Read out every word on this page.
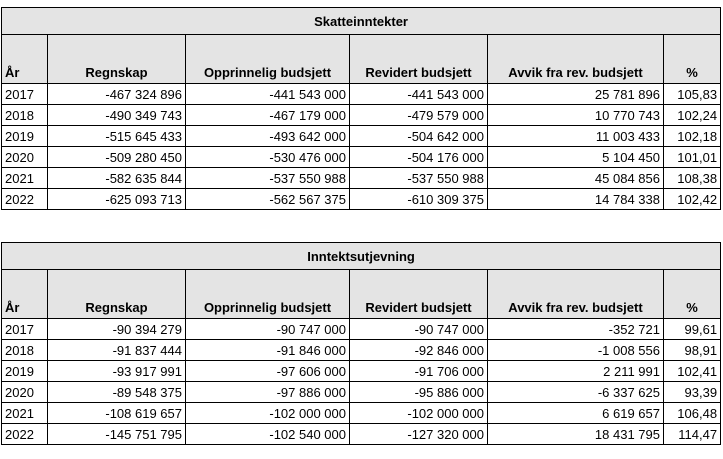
Skatteinntekter					
År	Regnskap	Opprinnelig budsjett	Revidert budsjett	Avvik fra rev. budsjett	%
2017	-467 324 896	-441 543 000	-441 543 000	25 781 896	105,83
2018	-490 349 743	-467 179 000	-479 579 000	10 770 743	102,24
2019	-515 645 433	-493 642 000	-504 642 000	11 003 433	102,18
2020	-509 280 450	-530 476 000	-504 176 000	5 104 450	101,01
2021	-582 635 844	-537 550 988	-537 550 988	45 084 856	108,38
2022	-625 093 713	-562 567 375	-610 309 375	14 784 338	102,42
Inntektsutjevning					
År	Regnskap	Opprinnelig budsjett	Revidert budsjett	Avvik fra rev. budsjett	%
2017	-90 394 279	-90 747 000	-90 747 000	-352 721	99,61
2018	-91 837 444	-91 846 000	-92 846 000	-1 008 556	98,91
2019	-93 917 991	-97 606 000	-91 706 000	2 211 991	102,41
2020	-89 548 375	-97 886 000	-95 886 000	-6 337 625	93,39
2021	-108 619 657	-102 000 000	-102 000 000	6 619 657	106,48
2022	-145 751 795	-102 540 000	-127 320 000	18 431 795	114,47
